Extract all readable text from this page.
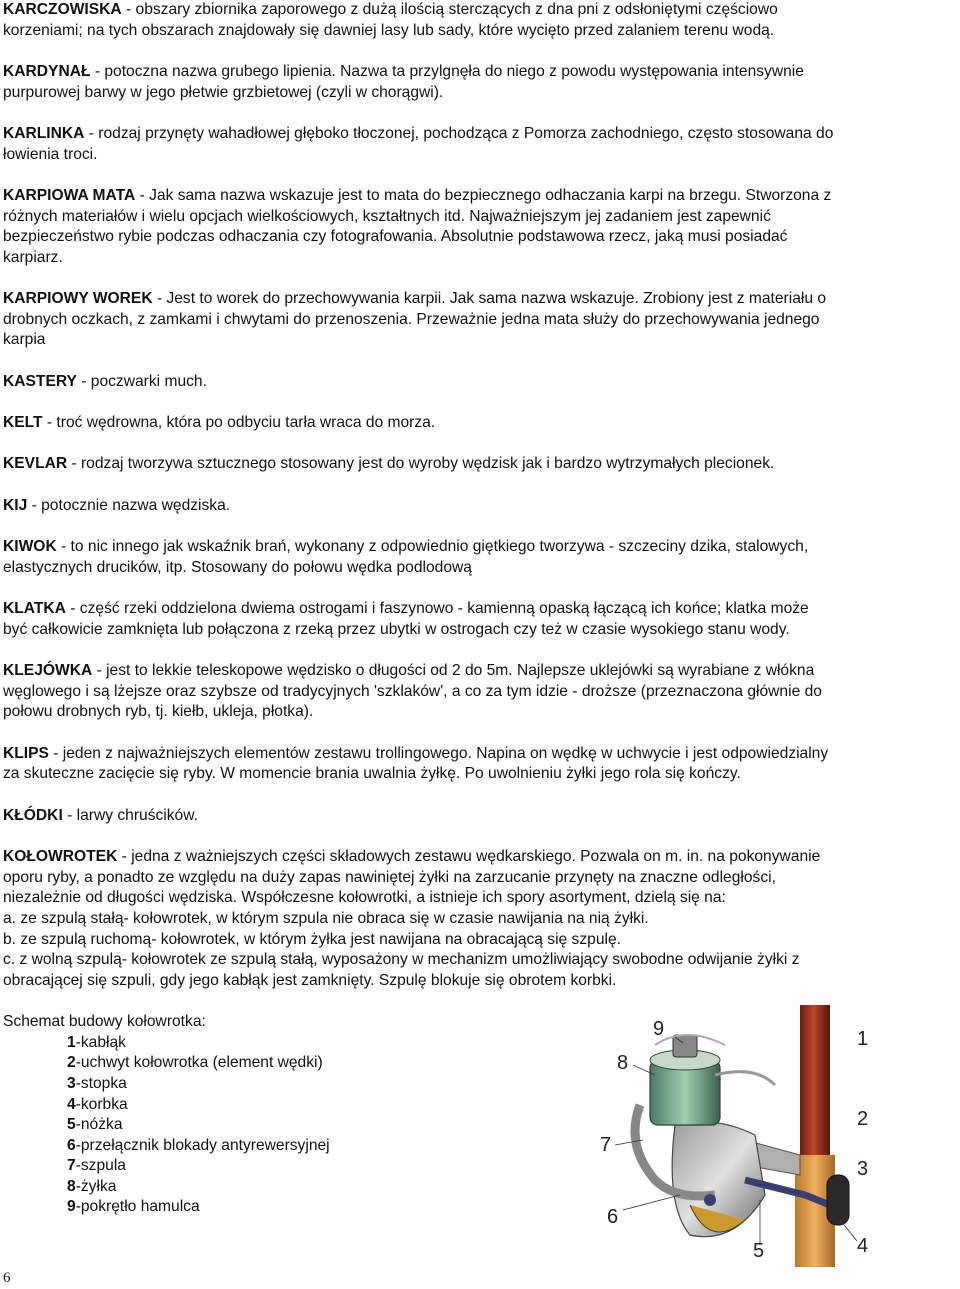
KARCZOWISKA - obszary zbiornika zaporowego z dużą ilością sterczących z dna pni z odsłoniętymi częściowo
korzeniami; na tych obszarach znajdowały się dawniej lasy lub sady, które wycięto przed zalaniem terenu wodą.
KARDYNAŁ - potoczna nazwa grubego lipienia. Nazwa ta przylgnęła do niego z powodu występowania intensywnie
purpurowej barwy w jego płetwie grzbietowej (czyli w chorągwi).
KARLINKA - rodzaj przynęty wahadłowej głęboko tłoczonej, pochodząca z Pomorza zachodniego, często stosowana do
łowienia troci.
KARPIOWA MATA - Jak sama nazwa wskazuje jest to mata do bezpiecznego odhaczania karpi na brzegu. Stworzona z
różnych materiałów i wielu opcjach wielkościowych, kształtnych itd. Najważniejszym jej zadaniem jest zapewnić
bezpieczeństwo rybie podczas odhaczania czy fotografowania. Absolutnie podstawowa rzecz, jaką musi posiadać
karpiarz.
KARPIOWY WOREK - Jest to worek do przechowywania karpii. Jak sama nazwa wskazuje. Zrobiony jest z materiału o
drobnych oczkach, z zamkami i chwytami do przenoszenia. Przeważnie jedna mata służy do przechowywania jednego
karpia
KASTERY - poczwarki much.
KELT - troć wędrowna, która po odbyciu tarła wraca do morza.
KEVLAR - rodzaj tworzywa sztucznego stosowany jest do wyroby wędzisk jak i bardzo wytrzymałych plecionek.
KIJ - potocznie nazwa wędziska.
KIWOK - to nic innego jak wskaźnik brań, wykonany z odpowiednio giętkiego tworzywa - szczeciny dzika, stalowych,
elastycznych drucików, itp. Stosowany do połowu wędka podlodową
KLATKA - część rzeki oddzielona dwiema ostrogami i faszynowo - kamienną opaską łączącą ich końce; klatka może
być całkowicie zamknięta lub połączona z rzeką przez ubytki w ostrogach czy też w czasie wysokiego stanu wody.
KLEJÓWKA - jest to lekkie teleskopowe wędzisko o długości od 2 do 5m. Najlepsze uklejówki są wyrabiane z włókna
węglowego i są lżejsze oraz szybsze od tradycyjnych 'szklaków', a co za tym idzie - droższe (przeznaczona głównie do
połowu drobnych ryb, tj. kiełb, ukleja, płotka).
KLIPS - jeden z najważniejszych elementów zestawu trollingowego. Napina on wędkę w uchwycie i jest odpowiedzialny
za skuteczne zacięcie się ryby. W momencie brania uwalnia żyłkę. Po uwolnieniu żyłki jego rola się kończy.
KŁÓDKI - larwy chruścików.
KOŁOWROTEK - jedna z ważniejszych części składowych zestawu wędkarskiego. Pozwala on m. in. na pokonywanie
oporu ryby, a ponadto ze względu na duży zapas nawiniętej żyłki na zarzucanie przynęty na znaczne odległości,
niezależnie od długości wędziska. Współczesne kołowrotki, a istnieje ich spory asortyment, dzielą się na:
a. ze szpulą stałą- kołowrotek, w którym szpula nie obraca się w czasie nawijania na nią żyłki.
b. ze szpulą ruchomą- kołowrotek, w którym żyłka jest nawijana na obracającą się szpulę.
c. z wolną szpulą- kołowrotek ze szpulą stałą, wyposażony w mechanizm umożliwiający swobodne odwijanie żyłki z
obracającej się szpuli, gdy jego kabłąk jest zamknięty. Szpulę blokuje się obrotem korbki.

Schemat budowy kołowrotka:

1-kabłąk
2-uchwyt kołowrotka (element wędki)
3-stopka
4-korbka
5-nóżka
6-przełącznik blokady antyrewersyjnej
7-szpula
8-żyłka
9-pokrętło hamulca
9
8
7
6
5	4
3
2
1
6
